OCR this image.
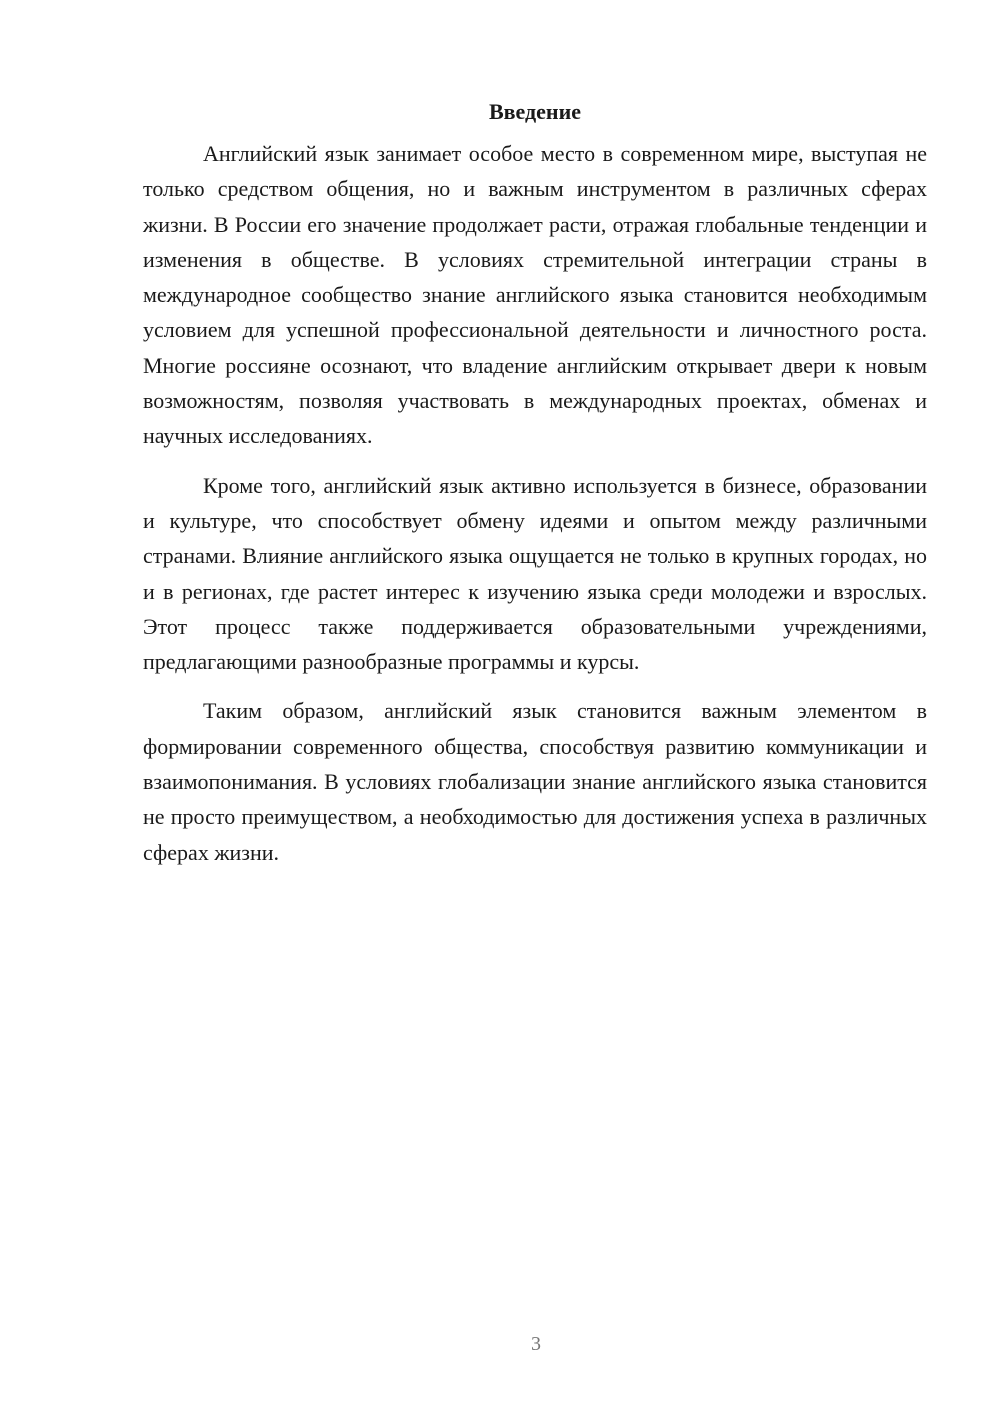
Введение

Английский язык занимает особое место в современном мире, выступая не только средством общения, но и важным инструментом в различных сферах жизни. В России его значение продолжает расти, отражая глобальные тенденции и изменения в обществе. В условиях стремительной интеграции страны в международное сообщество знание английского языка становится необходимым условием для успешной профессиональной деятельности и личностного роста. Многие россияне осознают, что владение английским открывает двери к новым возможностям, позволяя участвовать в международных проектах, обменах и научных исследованиях.

Кроме того, английский язык активно используется в бизнесе, образовании и культуре, что способствует обмену идеями и опытом между различными странами. Влияние английского языка ощущается не только в крупных городах, но и в регионах, где растет интерес к изучению языка среди молодежи и взрослых. Этот процесс также поддерживается образовательными учреждениями, предлагающими разнообразные программы и курсы.

Таким образом, английский язык становится важным элементом в формировании современного общества, способствуя развитию коммуникации и взаимопонимания. В условиях глобализации знание английского языка становится не просто преимуществом, а необходимостью для достижения успеха в различных сферах жизни.

3
